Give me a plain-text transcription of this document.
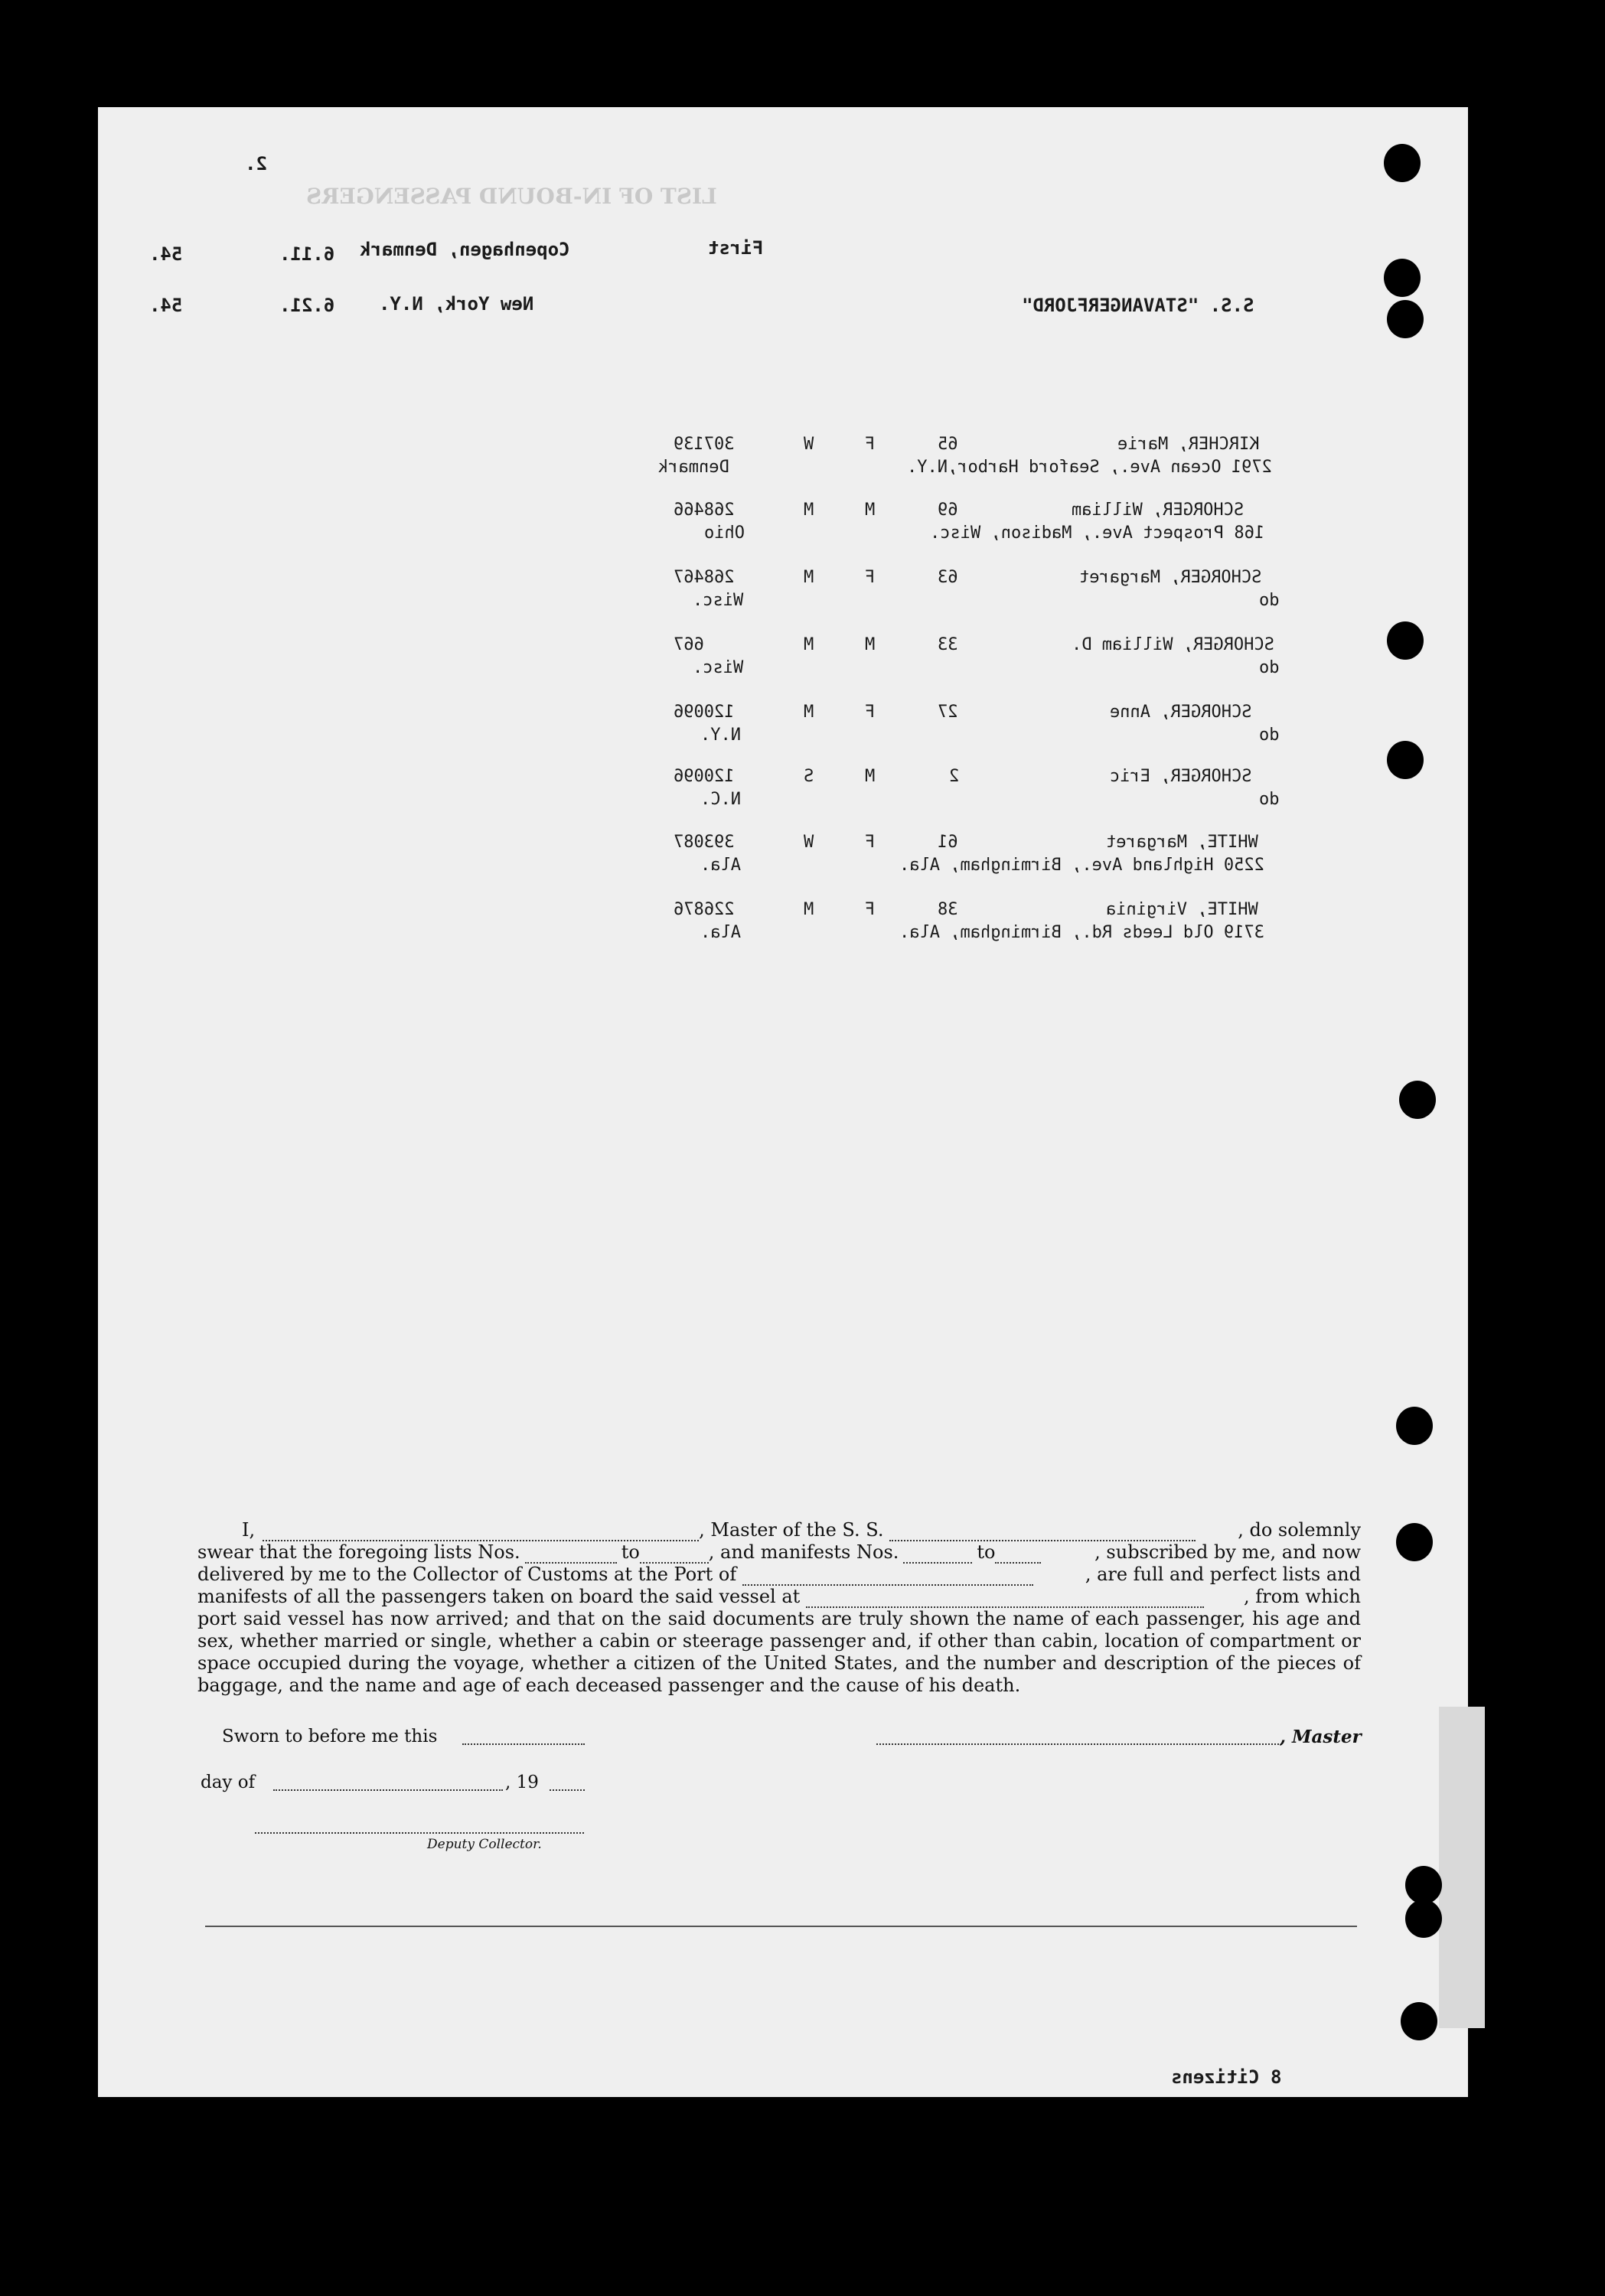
LIST OF IN-BOUND PASSENGERS
2.
54.	6.11. Copenhagen, Denmark	First
54.	6.21. New York, N.Y.	S.S. "STAVANGERFJORD"
307139	W	F	65	KIRCHER, Marie
Denmark	2791 Ocean Ave., Seaford Harbor,N.Y.
268466	M	M	69	SCHORGER, William
Ohio	168 Prospect Ave., Madison, Wisc.
268467	M	F	63	SCHORGER, Margaret
Wisc.	do
667	M	M	33	SCHORGER, William D.
Wisc.	do
120096	M	F	27	SCHORGER, Anne
N.Y.	do
120096	S	M	2	SCHORGER, Eric
N.C.	do
393087	W	F	61	WHITE, Margaret
Ala.	2250 Highland Ave., Birmingham, Ala.
226876	M	F	38	WHITE, Virginia
Ala.	3719 Old Leeds Rd., Birmingham, Ala.
I,	, Master of the S. S.	, do solemnly
swear that the foregoing lists Nos.	to	, and manifests Nos.	to	, subscribed by me, and now
delivered by me to the Collector of Customs at the Port of	, are full and perfect lists and
manifests of all the passengers taken on board the said vessel at	, from which
port said vessel has now arrived; and that on the said documents are truly shown the name of each passenger, his age and sex, whether married or single, whether a cabin or steerage passenger and, if other than cabin, location of compartment or space occupied during the voyage, whether a citizen of the United States, and the number and description of the pieces of baggage, and the name and age of each deceased passenger and the cause of his death.
Sworn to before me this	, Master
day of	, 19
Deputy Collector.
8 Citizens
